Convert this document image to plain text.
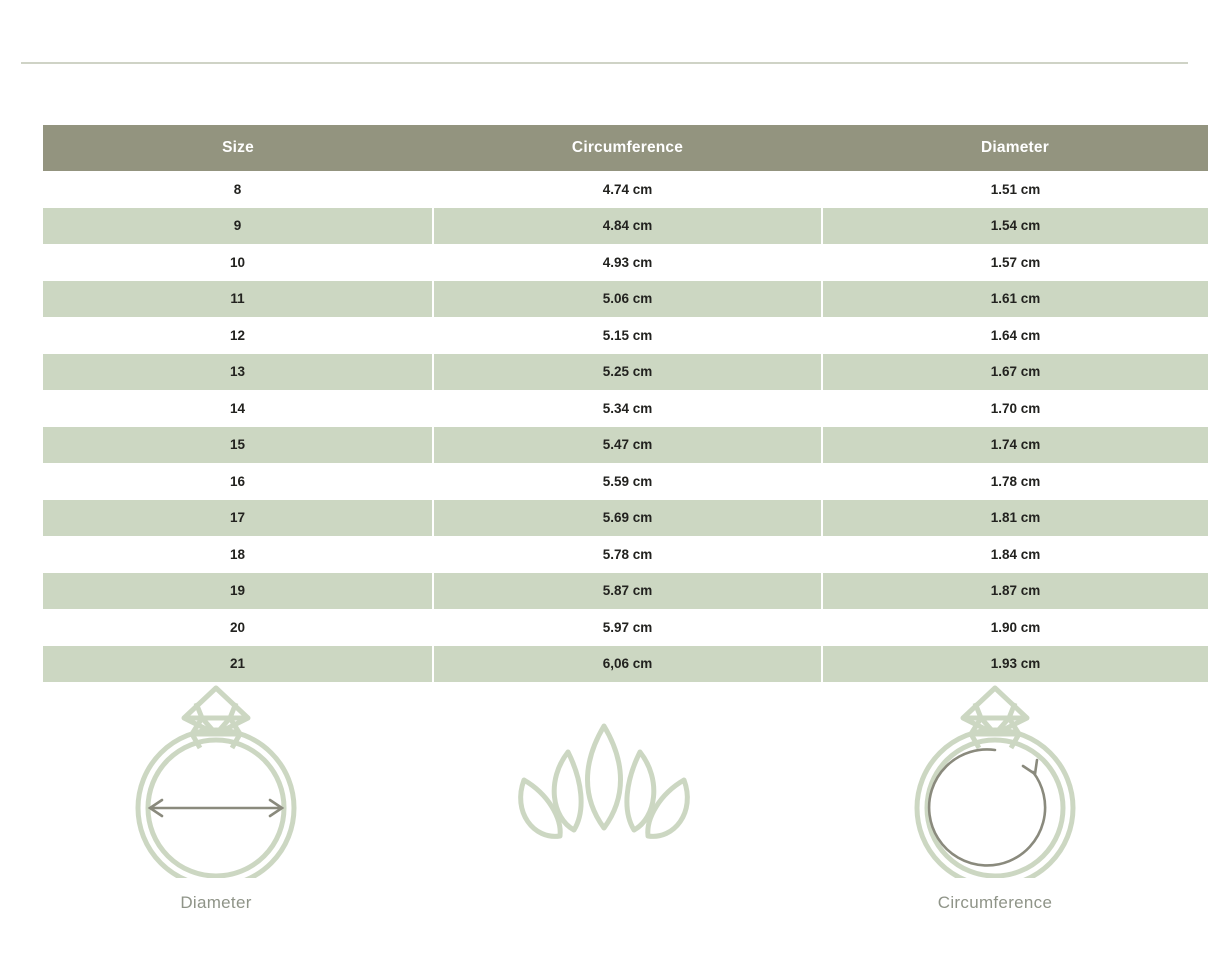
Size	Circumference	Diameter
8	4.74 cm	1.51 cm
9	4.84 cm	1.54 cm
10	4.93 cm	1.57 cm
11	5.06 cm	1.61 cm
12	5.15 cm	1.64 cm
13	5.25 cm	1.67 cm
14	5.34 cm	1.70 cm
15	5.47 cm	1.74 cm
16	5.59 cm	1.78 cm
17	5.69 cm	1.81 cm
18	5.78 cm	1.84 cm
19	5.87 cm	1.87 cm
20	5.97 cm	1.90 cm
21	6,06 cm	1.93 cm
Diameter	Circumference
